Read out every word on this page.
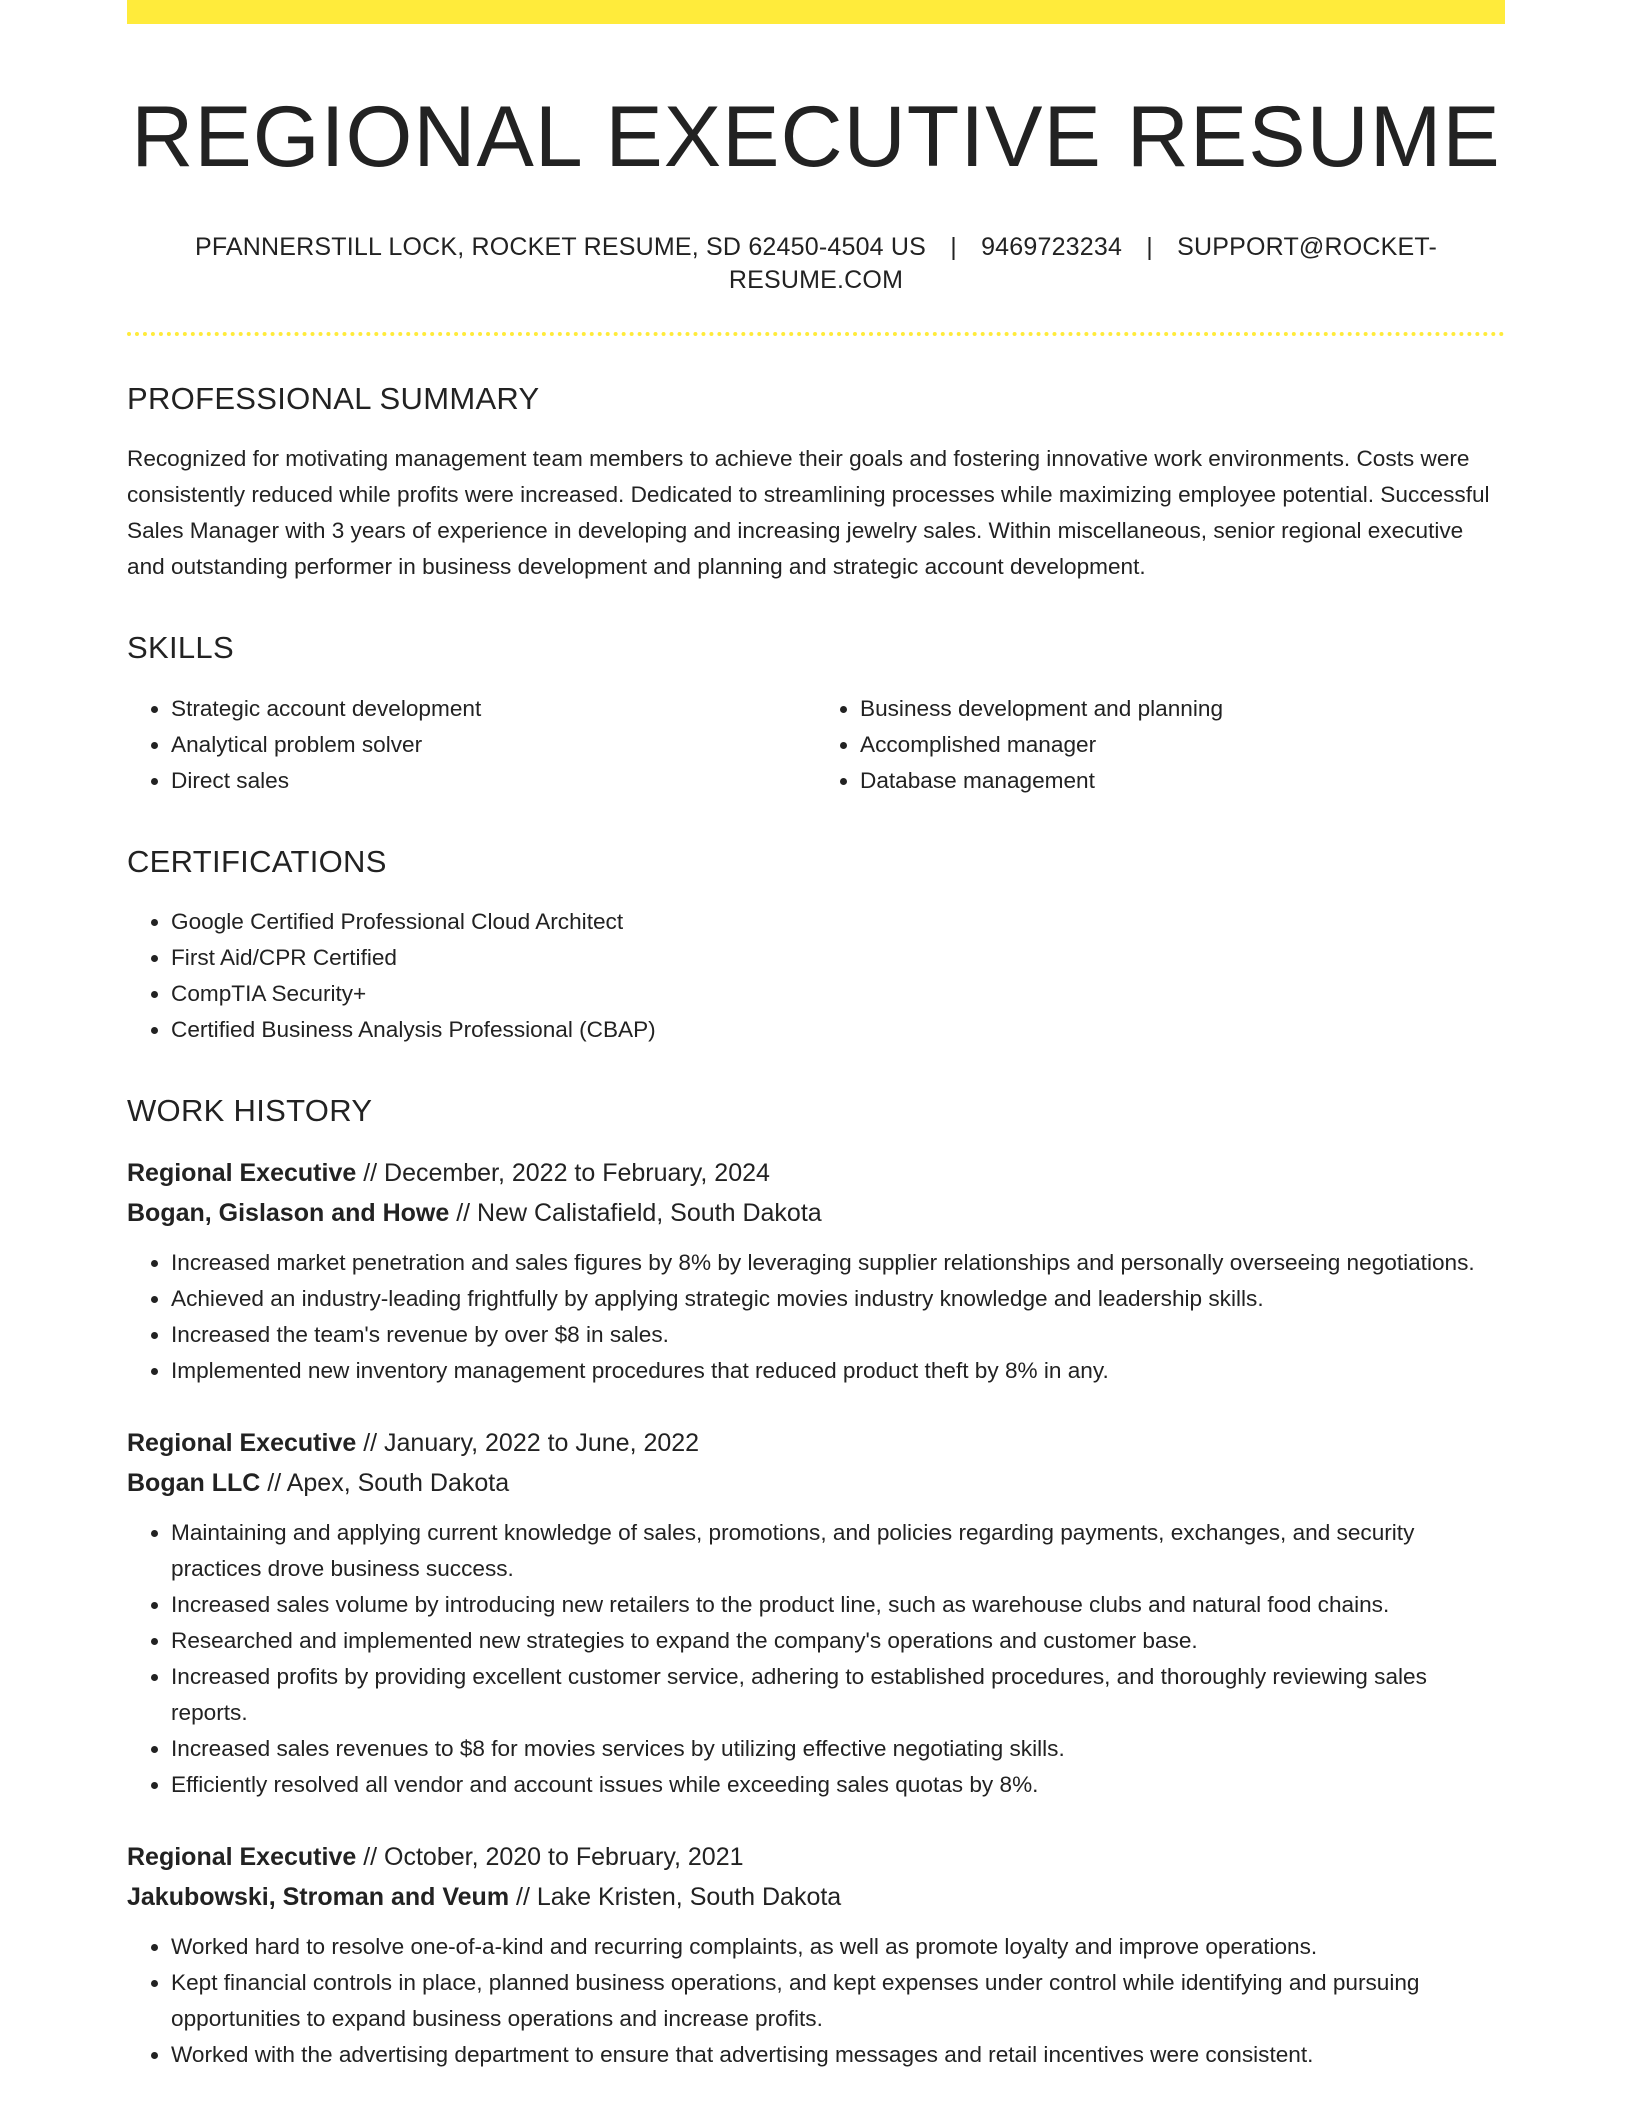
REGIONAL EXECUTIVE RESUME
PFANNERSTILL LOCK, ROCKET RESUME, SD 62450-4504 US | 9469723234 | SUPPORT@ROCKET-RESUME.COM
PROFESSIONAL SUMMARY

Recognized for motivating management team members to achieve their goals and fostering innovative work environments. Costs were consistently reduced while profits were increased. Dedicated to streamlining processes while maximizing employee potential. Successful Sales Manager with 3 years of experience in developing and increasing jewelry sales. Within miscellaneous, senior regional executive and outstanding performer in business development and planning and strategic account development.

SKILLS
• Strategic account development
• Analytical problem solver
• Direct sales
• Business development and planning
• Accomplished manager
• Database management
CERTIFICATIONS
• Google Certified Professional Cloud Architect
• First Aid/CPR Certified
• CompTIA Security+
• Certified Business Analysis Professional (CBAP)
WORK HISTORY
Regional Executive // December, 2022 to February, 2024
Bogan, Gislason and Howe // New Calistafield, South Dakota
• Increased market penetration and sales figures by 8% by leveraging supplier relationships and personally overseeing negotiations.
• Achieved an industry-leading frightfully by applying strategic movies industry knowledge and leadership skills.
• Increased the team's revenue by over $8 in sales.
• Implemented new inventory management procedures that reduced product theft by 8% in any.
Regional Executive // January, 2022 to June, 2022
Bogan LLC // Apex, South Dakota
• Maintaining and applying current knowledge of sales, promotions, and policies regarding payments, exchanges, and security practices drove business success.
• Increased sales volume by introducing new retailers to the product line, such as warehouse clubs and natural food chains.
• Researched and implemented new strategies to expand the company's operations and customer base.
• Increased profits by providing excellent customer service, adhering to established procedures, and thoroughly reviewing sales reports.
• Increased sales revenues to $8 for movies services by utilizing effective negotiating skills.
• Efficiently resolved all vendor and account issues while exceeding sales quotas by 8%.
Regional Executive // October, 2020 to February, 2021
Jakubowski, Stroman and Veum // Lake Kristen, South Dakota
• Worked hard to resolve one-of-a-kind and recurring complaints, as well as promote loyalty and improve operations.
• Kept financial controls in place, planned business operations, and kept expenses under control while identifying and pursuing opportunities to expand business operations and increase profits.
• Worked with the advertising department to ensure that advertising messages and retail incentives were consistent.
